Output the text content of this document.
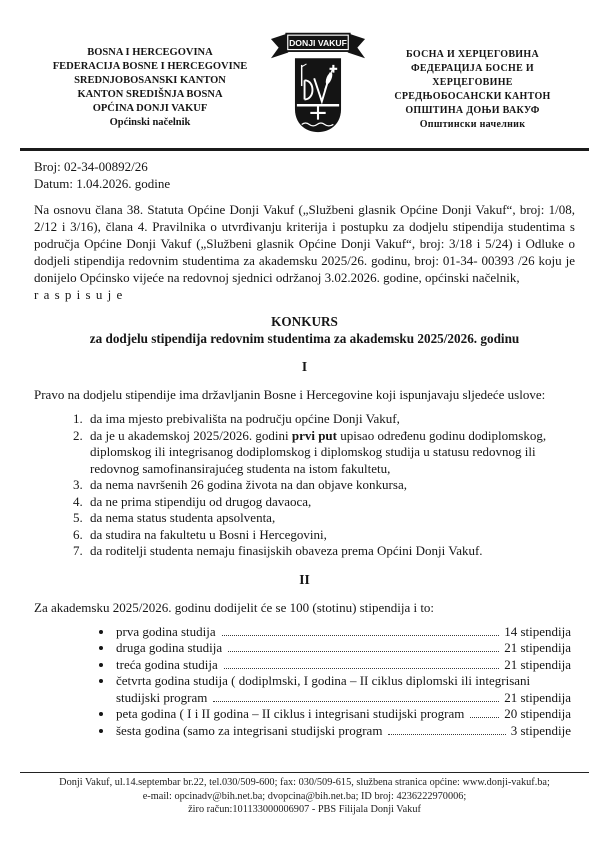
BOSNA I HERCEGOVINA
FEDERACIJA BOSNE I HERCEGOVINE
SREDNJOBOSANSKI KANTON
KANTON SREDIŠNJA BOSNA
OPĆINA DONJI VAKUF
Općinski načelnik
DONJI VAKUF
БОСНА И ХЕРЦЕГОВИНА
ФЕДЕРАЦИЈА БОСНЕ И ХЕРЦЕГОВИНЕ
СРЕДЊОБОСАНСКИ КАНТОН
ОПШТИНА ДОЊИ ВАКУФ
Општински начелник
Broj: 02-34-00892/26
Datum: 1.04.2026. godine

Na osnovu člana 38. Statuta Općine Donji Vakuf („Službeni glasnik Općine Donji Vakuf“, broj: 1/08, 2/12 i 3/16), člana 4. Pravilnika o utvrđivanju kriterija i postupku za dodjelu stipendija studentima s područja Općine Donji Vakuf („Službeni glasnik Općine Donji Vakuf“, broj: 3/18 i 5/24) i Odluke o dodjeli stipendija redovnim studentima za akademsku 2025/26. godinu, broj: 01-34- 00393 /26 koju je donijelo Općinsko vijeće na redovnoj sjednici održanoj 3.02.2026. godine, općinski načelnik,

r a s p i s u j e
KONKURS
za dodjelu stipendija redovnim studentima za akademsku 2025/2026. godinu
I

Pravo na dodjelu stipendije ima državljanin Bosne i Hercegovine koji ispunjavaju sljedeće uslove:

1. da ima mjesto prebivališta na području općine Donji Vakuf,
2. da je u akademskoj 2025/2026. godini prvi put upisao određenu godinu dodiplomskog, diplomskog ili integrisanog dodiplomskog i diplomskog studija u statusu redovnog ili redovnog samofinansirajućeg studenta na istom fakultetu,
3. da nema navršenih 26 godina života na dan objave konkursa,
4. da ne prima stipendiju od drugog davaoca,
5. da nema status studenta apsolventa,
6. da studira na fakultetu u Bosni i Hercegovini,
7. da roditelji studenta nemaju finasijskih obaveza prema Općini Donji Vakuf.
II

Za akademsku 2025/2026. godinu dodijelit će se 100 (stotinu) stipendija i to:

• prva godina studija	14 stipendija
• druga godina studija	21 stipendija
• treća godina studija	21 stipendija
• četvrta godina studija ( dodiplmski, I godina – II ciklus diplomski ili integrisani
studijski program	21 stipendija
• peta godina ( I i II godina – II ciklus i integrisani studijski program	20 stipendija
• šesta godina (samo za integrisani studijski program	3 stipendije
Donji Vakuf, ul.14.septembar br.22, tel.030/509-600; fax: 030/509-615, službena stranica općine: www.donji-vakuf.ba;
e-mail: opcinadv@bih.net.ba; dvopcina@bih.net.ba; ID broj: 4236222970006;
žiro račun:101133000006907 - PBS Filijala Donji Vakuf
